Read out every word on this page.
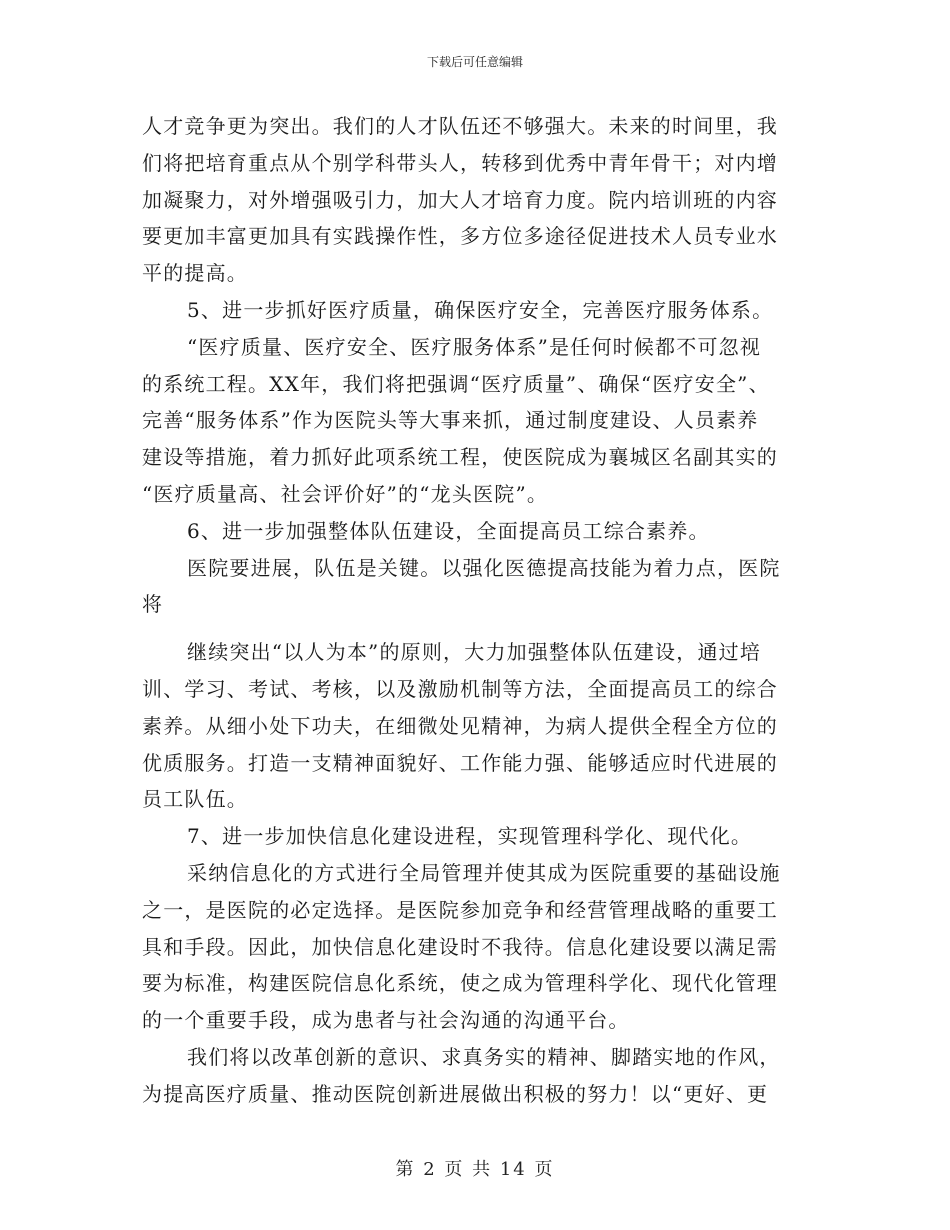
下载后可任意编辑
人才竞争更为突出。我们的人才队伍还不够强大。未来的时间里，我
们将把培育重点从个别学科带头人，转移到优秀中青年骨干；对内增
加凝聚力，对外增强吸引力，加大人才培育力度。院内培训班的内容
要更加丰富更加具有实践操作性，多方位多途径促进技术人员专业水
平的提高。
5、进一步抓好医疗质量，确保医疗安全，完善医疗服务体系。
“医疗质量、医疗安全、医疗服务体系”是任何时候都不可忽视
的系统工程。XX年，我们将把强调“医疗质量”、确保“医疗安全”、
完善“服务体系”作为医院头等大事来抓，通过制度建设、人员素养
建设等措施，着力抓好此项系统工程，使医院成为襄城区名副其实的
“医疗质量高、社会评价好”的“龙头医院”。
6、进一步加强整体队伍建设，全面提高员工综合素养。
医院要进展，队伍是关键。以强化医德提高技能为着力点，医院
将
继续突出“以人为本”的原则，大力加强整体队伍建设，通过培
训、学习、考试、考核，以及激励机制等方法，全面提高员工的综合
素养。从细小处下功夫，在细微处见精神，为病人提供全程全方位的
优质服务。打造一支精神面貌好、工作能力强、能够适应时代进展的
员工队伍。
7、进一步加快信息化建设进程，实现管理科学化、现代化。
采纳信息化的方式进行全局管理并使其成为医院重要的基础设施
之一，是医院的必定选择。是医院参加竞争和经营管理战略的重要工
具和手段。因此，加快信息化建设时不我待。信息化建设要以满足需
要为标准，构建医院信息化系统，使之成为管理科学化、现代化管理
的一个重要手段，成为患者与社会沟通的沟通平台。
我们将以改革创新的意识、求真务实的精神、脚踏实地的作风，
为提高医疗质量、推动医院创新进展做出积极的努力！以“更好、更
第 2 页 共 14 页
